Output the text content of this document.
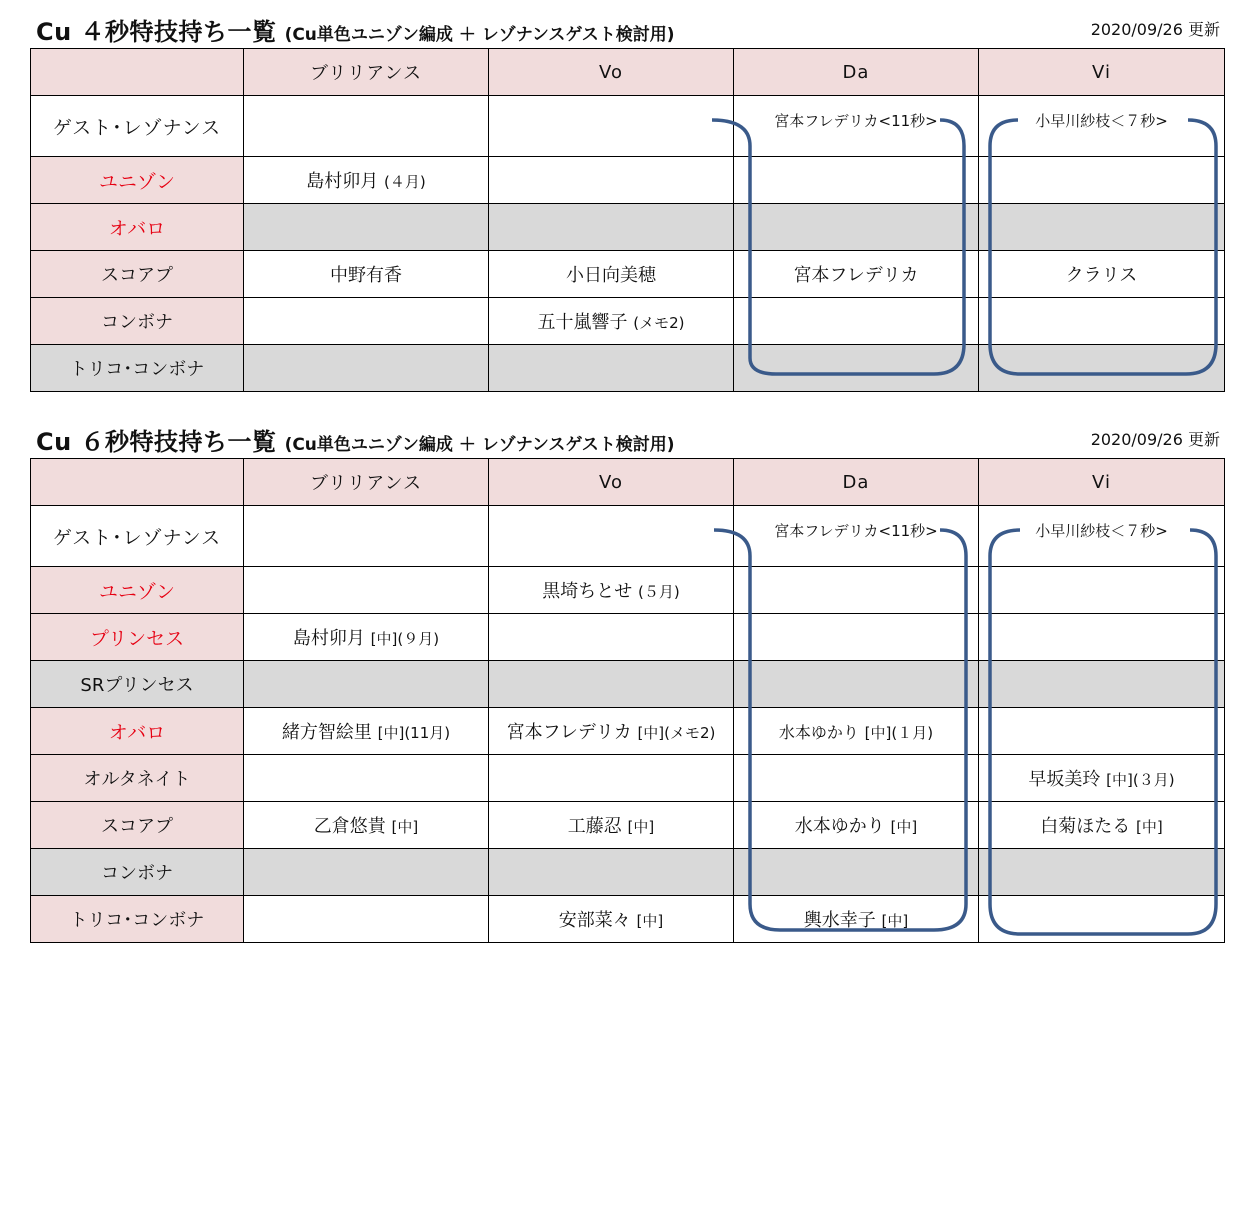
Cu ４秒特技持ち一覧 (Cu単色ユニゾン編成 ＋ レゾナンスゲスト検討用)	2020/09/26 更新
	ブリリアンス	Vo	Da	Vi
ゲスト･レゾナンス			宮本フレデリカ<11秒>	小早川紗枝＜７秒>
ユニゾン	島村卯月 (４月)			
オバロ				
スコアプ	中野有香	小日向美穂	宮本フレデリカ	クラリス
コンボナ		五十嵐響子 (メモ2)		
トリコ･コンボナ				
Cu ６秒特技持ち一覧 (Cu単色ユニゾン編成 ＋ レゾナンスゲスト検討用)	2020/09/26 更新
	ブリリアンス	Vo	Da	Vi
ゲスト･レゾナンス			宮本フレデリカ<11秒>	小早川紗枝＜７秒>
ユニゾン		黒埼ちとせ (５月)		
プリンセス	島村卯月 [中](９月)			
SRプリンセス				
オバロ	緒方智絵里 [中](11月)	宮本フレデリカ [中](メモ2)	水本ゆかり [中](１月)	
オルタネイト				早坂美玲 [中](３月)
スコアプ	乙倉悠貴 [中]	工藤忍 [中]	水本ゆかり [中]	白菊ほたる [中]
コンボナ				
トリコ･コンボナ		安部菜々 [中]	輿水幸子 [中]	
